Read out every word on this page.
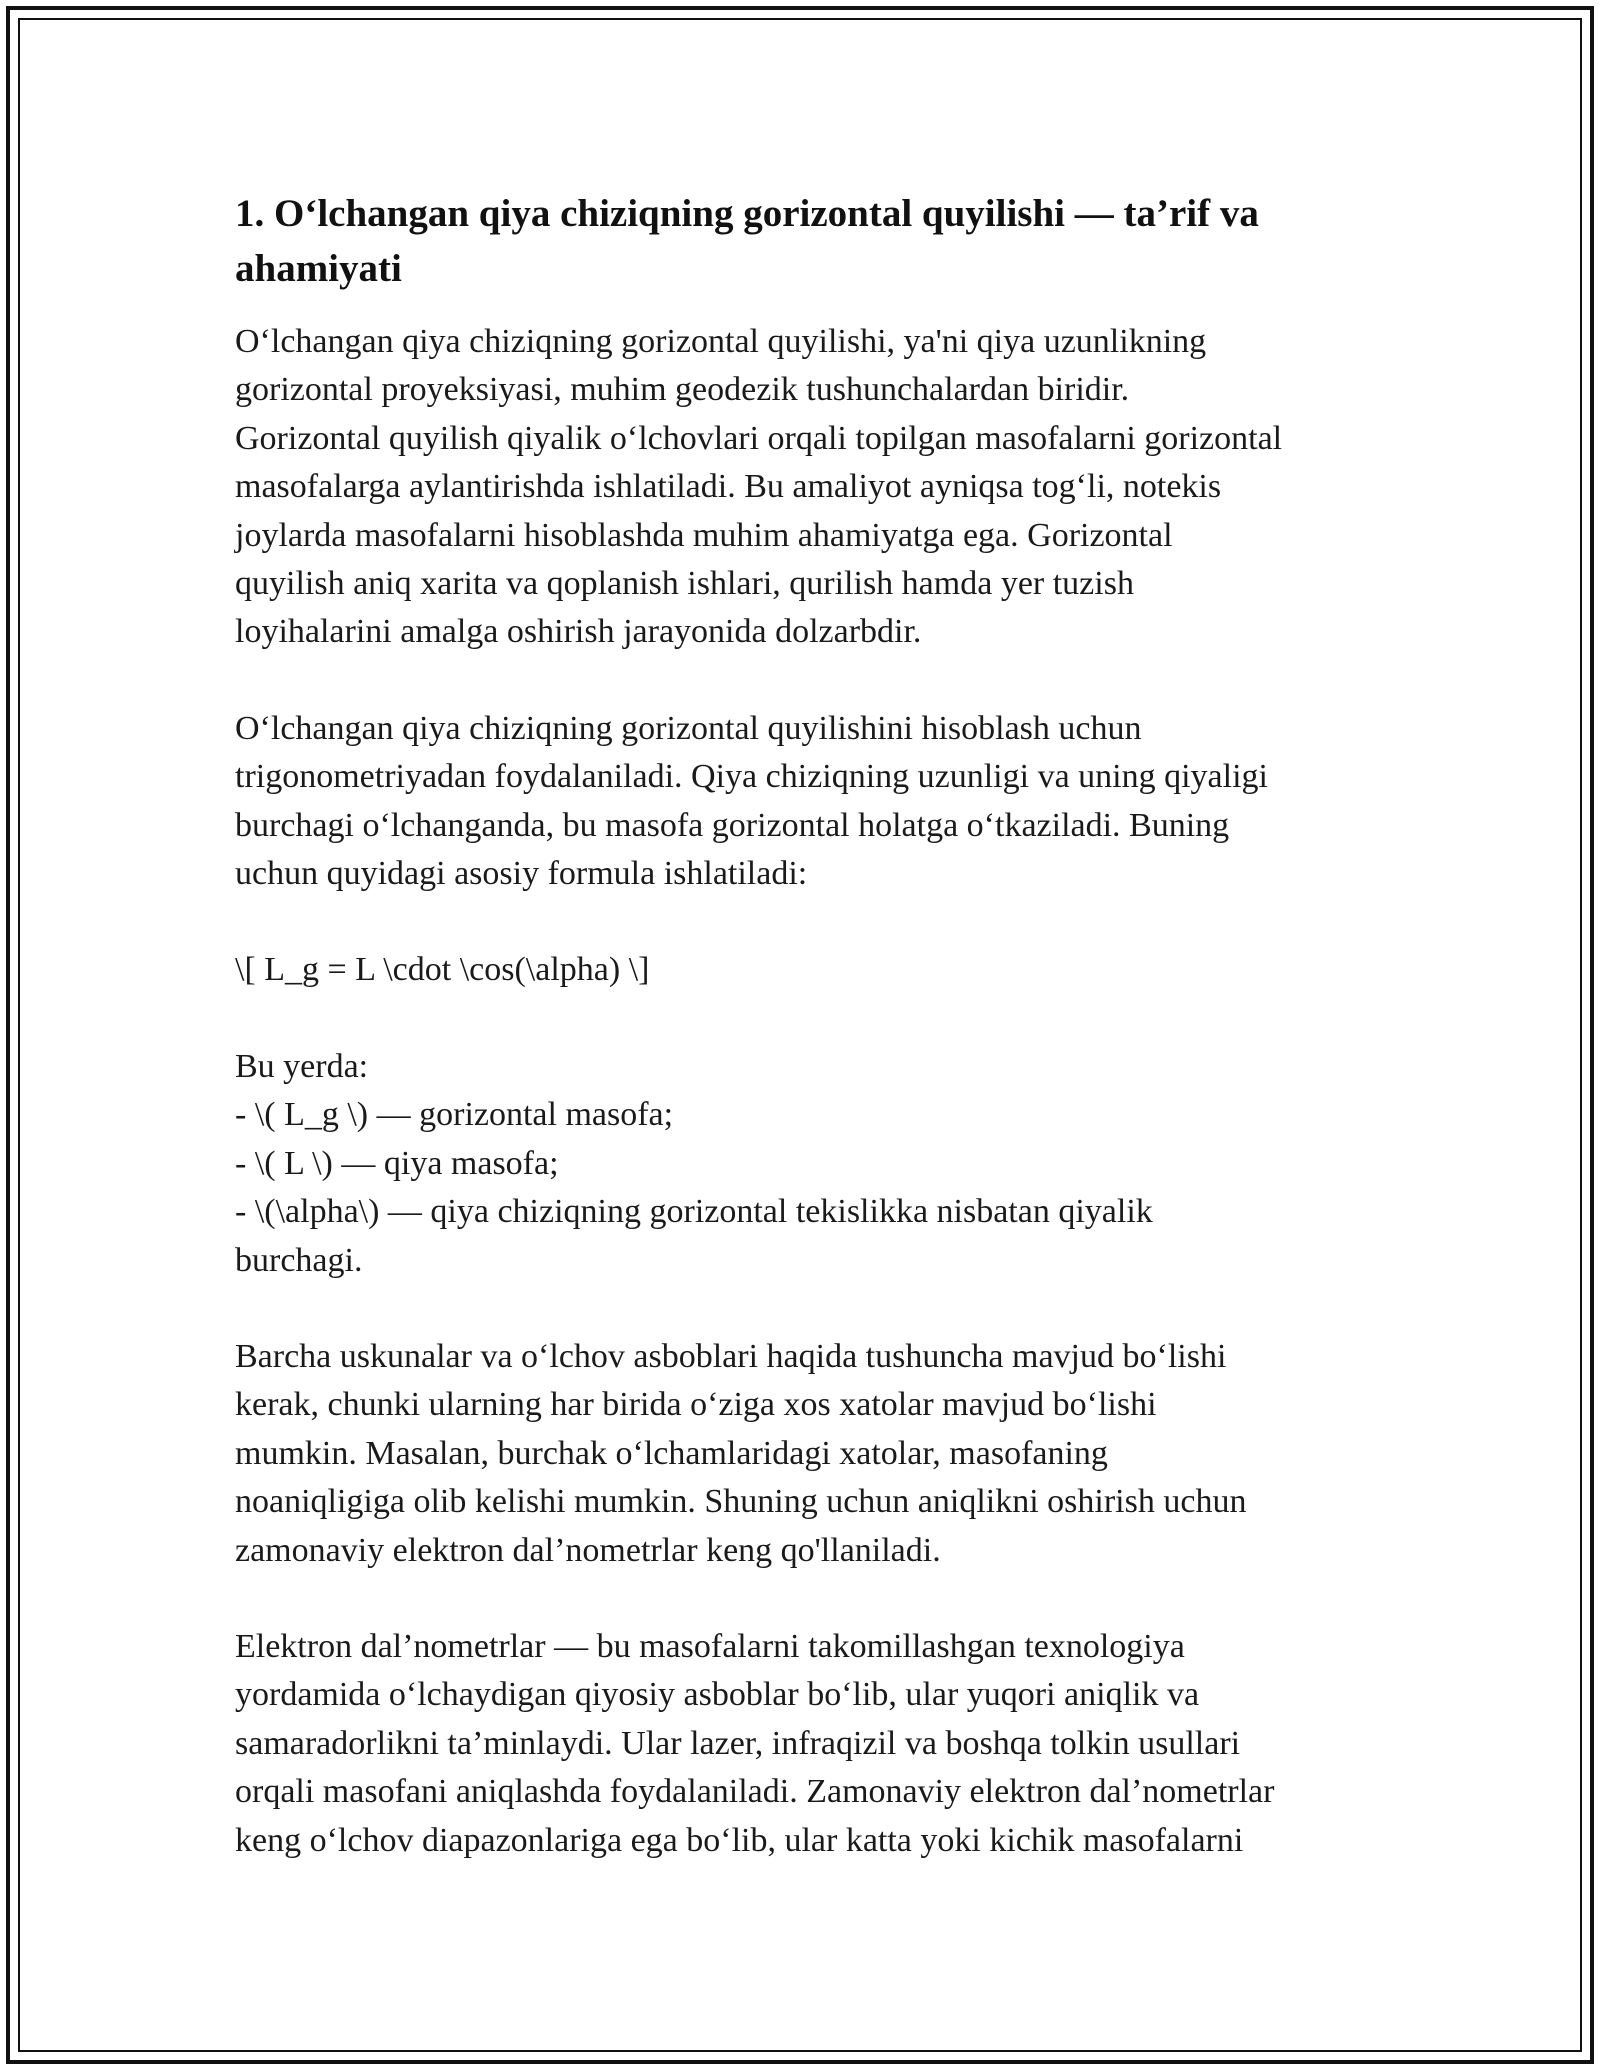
1. O‘lchangan qiya chiziqning gorizontal quyilishi — ta’rif va
ahamiyati
O‘lchangan qiya chiziqning gorizontal quyilishi, ya'ni qiya uzunlikning
gorizontal proyeksiyasi, muhim geodezik tushunchalardan biridir.
Gorizontal quyilish qiyalik o‘lchovlari orqali topilgan masofalarni gorizontal
masofalarga aylantirishda ishlatiladi. Bu amaliyot ayniqsa tog‘li, notekis
joylarda masofalarni hisoblashda muhim ahamiyatga ega. Gorizontal
quyilish aniq xarita va qoplanish ishlari, qurilish hamda yer tuzish
loyihalarini amalga oshirish jarayonida dolzarbdir.
O‘lchangan qiya chiziqning gorizontal quyilishini hisoblash uchun
trigonometriyadan foydalaniladi. Qiya chiziqning uzunligi va uning qiyaligi
burchagi o‘lchanganda, bu masofa gorizontal holatga o‘tkaziladi. Buning
uchun quyidagi asosiy formula ishlatiladi:
\[ L_g = L \cdot \cos(\alpha) \]
Bu yerda:
- \( L_g \) — gorizontal masofa;
- \( L \) — qiya masofa;
- \(\alpha\) — qiya chiziqning gorizontal tekislikka nisbatan qiyalik
burchagi.
Barcha uskunalar va o‘lchov asboblari haqida tushuncha mavjud bo‘lishi
kerak, chunki ularning har birida o‘ziga xos xatolar mavjud bo‘lishi
mumkin. Masalan, burchak o‘lchamlaridagi xatolar, masofaning
noaniqligiga olib kelishi mumkin. Shuning uchun aniqlikni oshirish uchun
zamonaviy elektron dal’nometrlar keng qo'llaniladi.
Elektron dal’nometrlar — bu masofalarni takomillashgan texnologiya
yordamida o‘lchaydigan qiyosiy asboblar bo‘lib, ular yuqori aniqlik va
samaradorlikni ta’minlaydi. Ular lazer, infraqizil va boshqa tolkin usullari
orqali masofani aniqlashda foydalaniladi. Zamonaviy elektron dal’nometrlar
keng o‘lchov diapazonlariga ega bo‘lib, ular katta yoki kichik masofalarni
